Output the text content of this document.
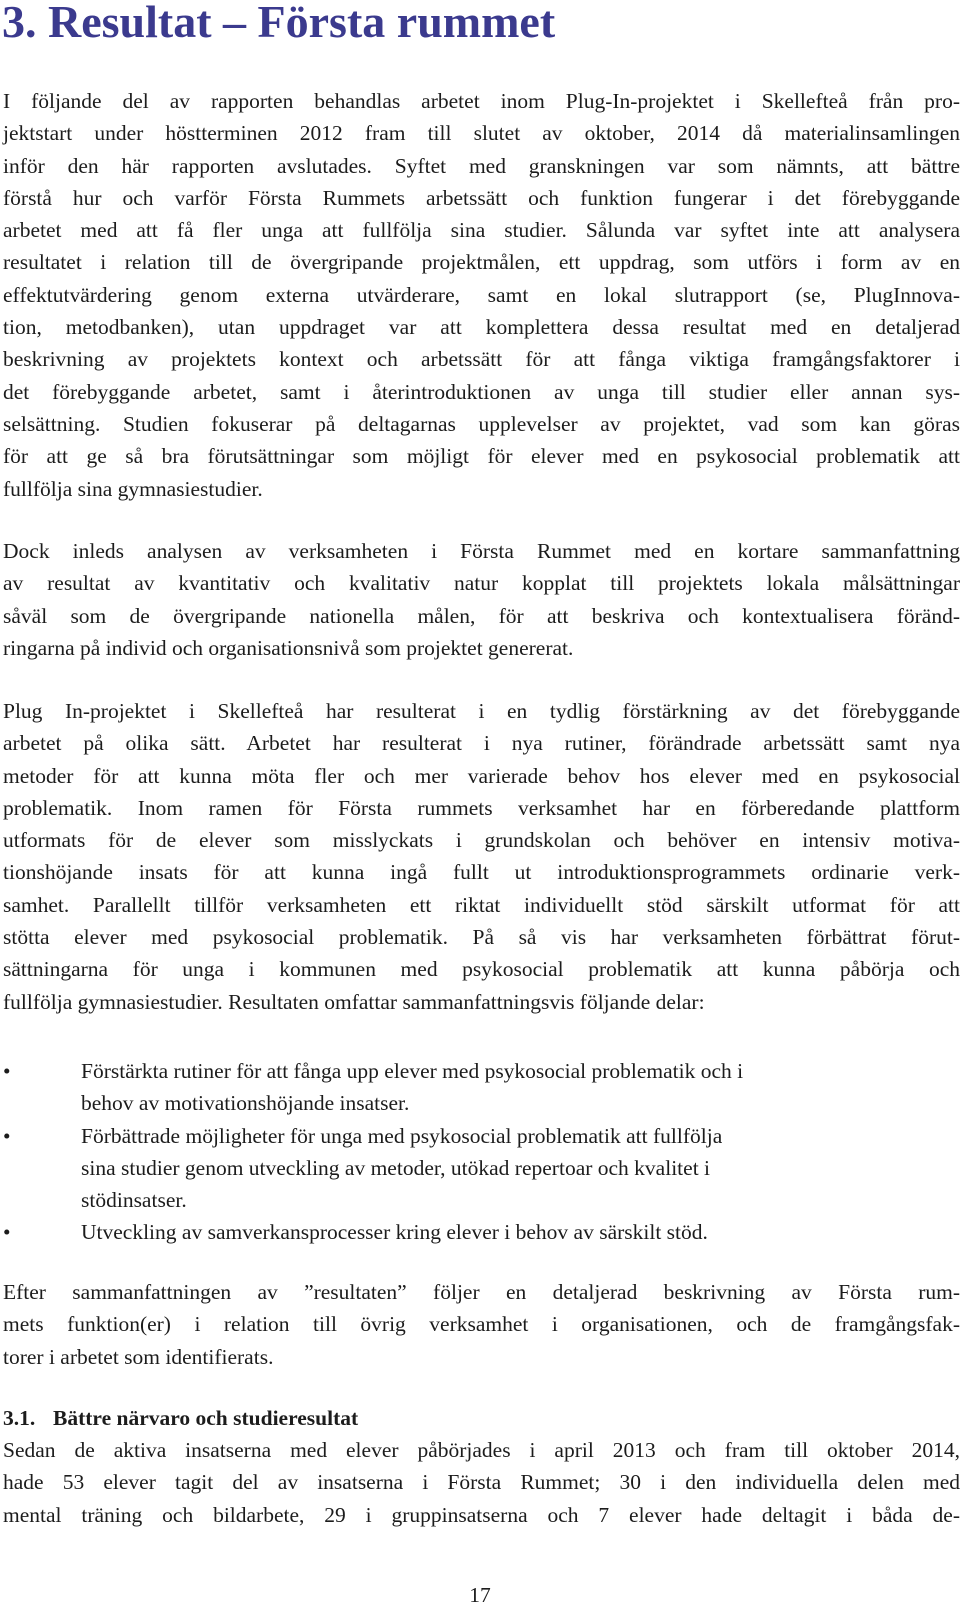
3. Resultat – Första rummet

I följande del av rapporten behandlas arbetet inom Plug-In-projektet i Skellefteå från pro-
jektstart under höstterminen 2012 fram till slutet av oktober, 2014 då materialinsamlingen
inför den här rapporten avslutades. Syftet med granskningen var som nämnts, att bättre
förstå hur och varför Första Rummets arbetssätt och funktion fungerar i det förebyggande
arbetet med att få fler unga att fullfölja sina studier. Sålunda var syftet inte att analysera
resultatet i relation till de övergripande projektmålen, ett uppdrag, som utförs i form av en
effektutvärdering genom externa utvärderare, samt en lokal slutrapport (se, PlugInnova-
tion, metodbanken), utan uppdraget var att komplettera dessa resultat med en detaljerad
beskrivning av projektets kontext och arbetssätt för att fånga viktiga framgångsfaktorer i
det förebyggande arbetet, samt i återintroduktionen av unga till studier eller annan sys-
selsättning. Studien fokuserar på deltagarnas upplevelser av projektet, vad som kan göras
för att ge så bra förutsättningar som möjligt för elever med en psykosocial problematik att
fullfölja sina gymnasiestudier.

Dock inleds analysen av verksamheten i Första Rummet med en kortare sammanfattning
av resultat av kvantitativ och kvalitativ natur kopplat till projektets lokala målsättningar
såväl som de övergripande nationella målen, för att beskriva och kontextualisera föränd-
ringarna på individ och organisationsnivå som projektet genererat.

Plug In-projektet i Skellefteå har resulterat i en tydlig förstärkning av det förebyggande
arbetet på olika sätt. Arbetet har resulterat i nya rutiner, förändrade arbetssätt samt nya
metoder för att kunna möta fler och mer varierade behov hos elever med en psykosocial
problematik. Inom ramen för Första rummets verksamhet har en förberedande plattform
utformats för de elever som misslyckats i grundskolan och behöver en intensiv motiva-
tionshöjande insats för att kunna ingå fullt ut introduktionsprogrammets ordinarie verk-
samhet. Parallellt tillför verksamheten ett riktat individuellt stöd särskilt utformat för att
stötta elever med psykosocial problematik. På så vis har verksamheten förbättrat förut-
sättningarna för unga i kommunen med psykosocial problematik att kunna påbörja och
fullfölja gymnasiestudier. Resultaten omfattar sammanfattningsvis följande delar:

•	Förstärkta rutiner för att fånga upp elever med psykosocial problematik och i
behov av motivationshöjande insatser.
•	Förbättrade möjligheter för unga med psykosocial problematik att fullfölja
sina studier genom utveckling av metoder, utökad repertoar och kvalitet i
stödinsatser.
•	Utveckling av samverkansprocesser kring elever i behov av särskilt stöd.

Efter sammanfattningen av ”resultaten” följer en detaljerad beskrivning av Första rum-
mets funktion(er) i relation till övrig verksamhet i organisationen, och de framgångsfak-
torer i arbetet som identifierats.

3.1. Bättre närvaro och studieresultat

Sedan de aktiva insatserna med elever påbörjades i april 2013 och fram till oktober 2014,
hade 53 elever tagit del av insatserna i Första Rummet; 30 i den individuella delen med
mental träning och bildarbete, 29 i gruppinsatserna och 7 elever hade deltagit i båda de-

17
